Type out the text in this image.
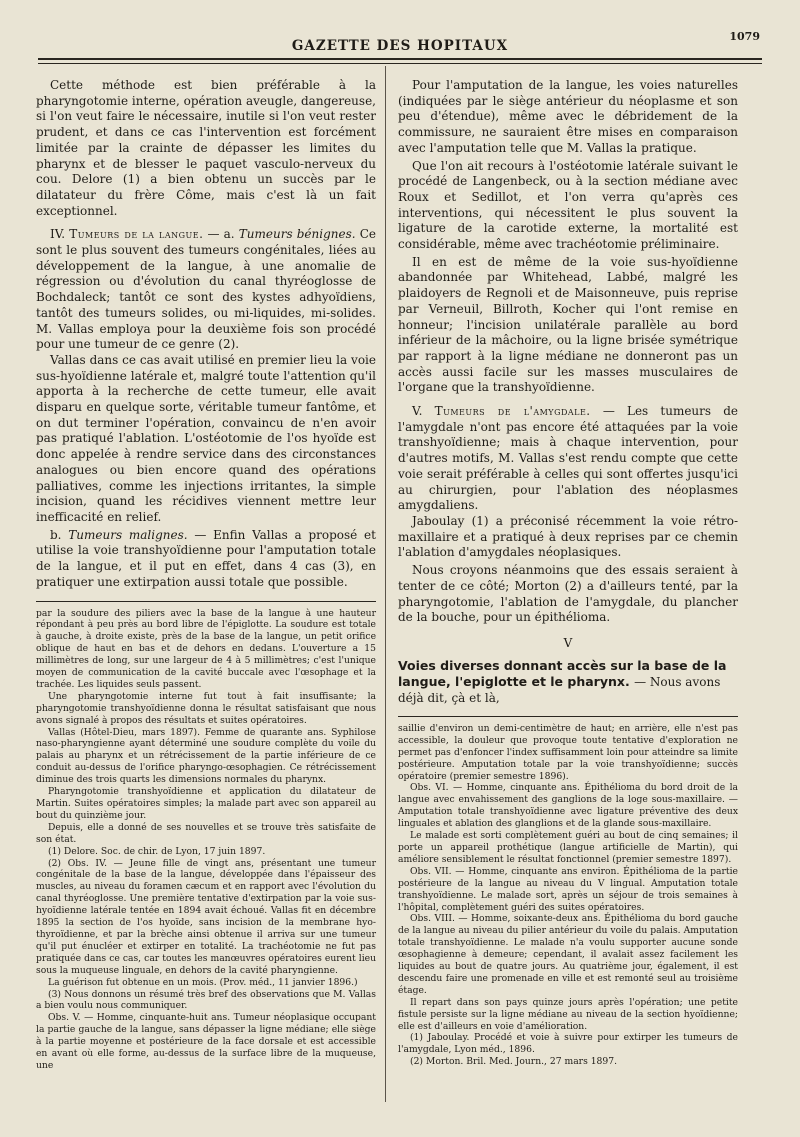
GAZETTE DES HOPITAUX
1079

Cette méthode est bien préférable à la pharyngotomie interne, opération aveugle, dangereuse, si l'on veut faire le nécessaire, inutile si l'on veut rester prudent, et dans ce cas l'intervention est forcément limitée par la crainte de dépasser les limites du pharynx et de blesser le paquet vasculo-nerveux du cou. Delore (1) a bien obtenu un succès par le dilatateur du frère Côme, mais c'est là un fait exceptionnel.

IV. Tumeurs de la langue. — a. Tumeurs bénignes. Ce sont le plus souvent des tumeurs congénitales, liées au développement de la langue, à une anomalie de régression ou d'évolution du canal thyréoglosse de Bochdaleck; tantôt ce sont des kystes adhyoïdiens, tantôt des tumeurs solides, ou mi-liquides, mi-solides. M. Vallas employa pour la deuxième fois son procédé pour une tumeur de ce genre (2).

Vallas dans ce cas avait utilisé en premier lieu la voie sus-hyoïdienne latérale et, malgré toute l'attention qu'il apporta à la recherche de cette tumeur, elle avait disparu en quelque sorte, véritable tumeur fantôme, et on dut terminer l'opération, convaincu de n'en avoir pas pratiqué l'ablation. L'ostéotomie de l'os hyoïde est donc appelée à rendre service dans des circonstances analogues ou bien encore quand des opérations palliatives, comme les injections irritantes, la simple incision, quand les récidives viennent mettre leur inefficacité en relief.

b. Tumeurs malignes. — Enfin Vallas a proposé et utilise la voie transhyoïdienne pour l'amputation totale de la langue, et il put en effet, dans 4 cas (3), en pratiquer une extirpation aussi totale que possible.

par la soudure des piliers avec la base de la langue à une hauteur répondant à peu près au bord libre de l'épiglotte. La soudure est totale à gauche, à droite existe, près de la base de la langue, un petit orifice oblique de haut en bas et de dehors en dedans. L'ouverture a 15 millimètres de long, sur une largeur de 4 à 5 millimètres; c'est l'unique moyen de communication de la cavité buccale avec l'œsophage et la trachée. Les liquides seuls passent.

Une pharyngotomie interne fut tout à fait insuffisante; la pharyngotomie transhyoïdienne donna le résultat satisfaisant que nous avons signalé à propos des résultats et suites opératoires.

Vallas (Hôtel-Dieu, mars 1897). Femme de quarante ans. Syphilose naso-pharyngienne ayant déterminé une soudure complète du voile du palais au pharynx et un rétrécissement de la partie inférieure de ce conduit au-dessus de l'orifice pharyngo-œsophagien. Ce rétrécissement diminue des trois quarts les dimensions normales du pharynx.

Pharyngotomie transhyoïdienne et application du dilatateur de Martin. Suites opératoires simples; la malade part avec son appareil au bout du quinzième jour.

Depuis, elle a donné de ses nouvelles et se trouve très satisfaite de son état.

(1) Delore. Soc. de chir. de Lyon, 17 juin 1897.

(2) Obs. IV. — Jeune fille de vingt ans, présentant une tumeur congénitale de la base de la langue, développée dans l'épaisseur des muscles, au niveau du foramen cæcum et en rapport avec l'évolution du canal thyréoglosse. Une première tentative d'extirpation par la voie sus-hyoïdienne latérale tentée en 1894 avait échoué. Vallas fit en décembre 1895 la section de l'os hyoïde, sans incision de la membrane hyo-thyroïdienne, et par la brèche ainsi obtenue il arriva sur une tumeur qu'il put énucléer et extirper en totalité. La trachéotomie ne fut pas pratiquée dans ce cas, car toutes les manœuvres opératoires eurent lieu sous la muqueuse linguale, en dehors de la cavité pharyngienne.

La guérison fut obtenue en un mois. (Prov. méd., 11 janvier 1896.)

(3) Nous donnons un résumé très bref des observations que M. Vallas a bien voulu nous communiquer.

Obs. V. — Homme, cinquante-huit ans. Tumeur néoplasique occupant la partie gauche de la langue, sans dépasser la ligne médiane; elle siège à la partie moyenne et postérieure de la face dorsale et est accessible en avant où elle forme, au-dessus de la surface libre de la muqueuse, une

Pour l'amputation de la langue, les voies naturelles (indiquées par le siège antérieur du néoplasme et son peu d'étendue), même avec le débridement de la commissure, ne sauraient être mises en comparaison avec l'amputation telle que M. Vallas la pratique.

Que l'on ait recours à l'ostéotomie latérale suivant le procédé de Langenbeck, ou à la section médiane avec Roux et Sedillot, et l'on verra qu'après ces interventions, qui nécessitent le plus souvent la ligature de la carotide externe, la mortalité est considérable, même avec trachéotomie préliminaire.

Il en est de même de la voie sus-hyoïdienne abandonnée par Whitehead, Labbé, malgré les plaidoyers de Regnoli et de Maisonneuve, puis reprise par Verneuil, Billroth, Kocher qui l'ont remise en honneur; l'incision unilatérale parallèle au bord inférieur de la mâchoire, ou la ligne brisée symétrique par rapport à la ligne médiane ne donneront pas un accès aussi facile sur les masses musculaires de l'organe que la transhyoïdienne.

V. Tumeurs de l'amygdale. — Les tumeurs de l'amygdale n'ont pas encore été attaquées par la voie transhyoïdienne; mais à chaque intervention, pour d'autres motifs, M. Vallas s'est rendu compte que cette voie serait préférable à celles qui sont offertes jusqu'ici au chirurgien, pour l'ablation des néoplasmes amygdaliens.

Jaboulay (1) a préconisé récemment la voie rétro-maxillaire et a pratiqué à deux reprises par ce chemin l'ablation d'amygdales néoplasiques.

Nous croyons néanmoins que des essais seraient à tenter de ce côté; Morton (2) a d'ailleurs tenté, par la pharyngotomie, l'ablation de l'amygdale, du plancher de la bouche, pour un épithélioma.

V
Voies diverses donnant accès sur la base de la langue, l'epiglotte et le pharynx. — Nous avons déjà dit, çà et là,

saillie d'environ un demi-centimètre de haut; en arrière, elle n'est pas accessible, la douleur que provoque toute tentative d'exploration ne permet pas d'enfoncer l'index suffisamment loin pour atteindre sa limite postérieure. Amputation totale par la voie transhyoïdienne; succès opératoire (premier semestre 1896).

Obs. VI. — Homme, cinquante ans. Épithélioma du bord droit de la langue avec envahissement des ganglions de la loge sous-maxillaire. — Amputation totale transhyoïdienne avec ligature préventive des deux linguales et ablation des glanglions et de la glande sous-maxillaire.

Le malade est sorti complètement guéri au bout de cinq semaines; il porte un appareil prothétique (langue artificielle de Martin), qui améliore sensiblement le résultat fonctionnel (premier semestre 1897).

Obs. VII. — Homme, cinquante ans environ. Épithélioma de la partie postérieure de la langue au niveau du V lingual. Amputation totale transhyoïdienne. Le malade sort, après un séjour de trois semaines à l'hôpital, complètement guéri des suites opératoires.

Obs. VIII. — Homme, soixante-deux ans. Épithélioma du bord gauche de la langue au niveau du pilier antérieur du voile du palais. Amputation totale transhyoïdienne. Le malade n'a voulu supporter aucune sonde œsophagienne à demeure; cependant, il avalait assez facilement les liquides au bout de quatre jours. Au quatrième jour, également, il est descendu faire une promenade en ville et est remonté seul au troisième étage.

Il repart dans son pays quinze jours après l'opération; une petite fistule persiste sur la ligne médiane au niveau de la section hyoïdienne; elle est d'ailleurs en voie d'amélioration.

(1) Jaboulay. Procédé et voie à suivre pour extirper les tumeurs de l'amygdale, Lyon méd., 1896.

(2) Morton. Bril. Med. Journ., 27 mars 1897.
